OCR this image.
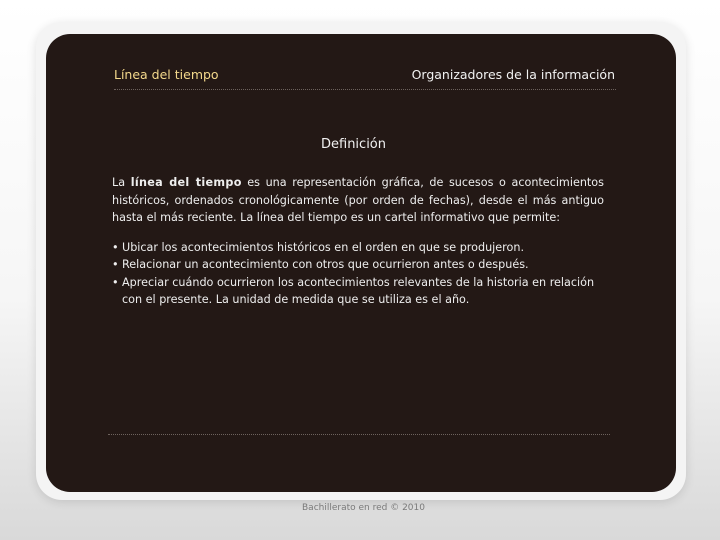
Línea del tiempo	Organizadores de la información
Definición

La línea del tiempo es una representación gráfica, de sucesos o acontecimientos históricos, ordenados cronológicamente (por orden de fechas), desde el más antiguo hasta el más reciente. La línea del tiempo es un cartel informativo que permite:

• Ubicar los acontecimientos históricos en el orden en que se produjeron.
• Relacionar un acontecimiento con otros que ocurrieron antes o después.
• Apreciar cuándo ocurrieron los acontecimientos relevantes de la historia en relación con el presente. La unidad de medida que se utiliza es el año.
Bachillerato en red © 2010
